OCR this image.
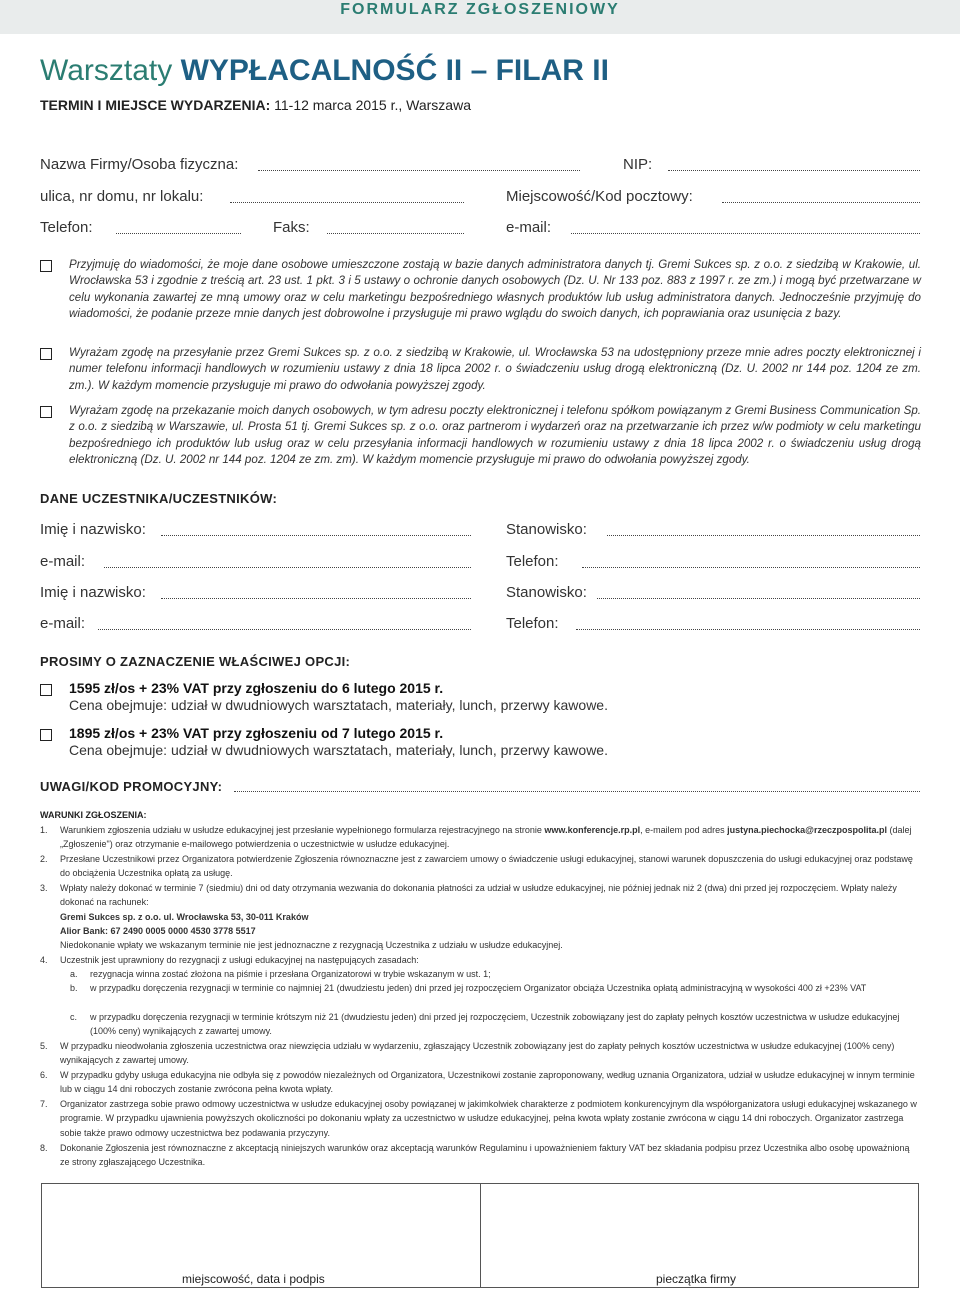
FORMULARZ ZGŁOSZENIOWY
Warsztaty WYPŁACALNOŚĆ II – FILAR II
TERMIN I MIEJSCE WYDARZENIA: 11-12 marca 2015 r., Warszawa
Nazwa Firmy/Osoba fizyczna:	NIP:
ulica, nr domu, nr lokalu:	Miejscowość/Kod pocztowy:
Telefon:	Faks:	e-mail:
Przyjmuję do wiadomości, że moje dane osobowe umieszczone zostają w bazie danych administratora danych tj. Gremi Sukces sp. z o.o. z siedzibą w Krakowie, ul. Wrocławska 53 i zgodnie z treścią art. 23 ust. 1 pkt. 3 i 5 ustawy o ochronie danych osobowych (Dz. U. Nr 133 poz. 883 z 1997 r. ze zm.) i mogą być przetwarzane w celu wykonania zawartej ze mną umowy oraz w celu marketingu bezpośredniego własnych produktów lub usług administratora danych. Jednocześnie przyjmuję do wiadomości, że podanie przeze mnie danych jest dobrowolne i przysługuje mi prawo wglądu do swoich danych, ich poprawiania oraz usunięcia z bazy.
Wyrażam zgodę na przesyłanie przez Gremi Sukces sp. z o.o. z siedzibą w Krakowie, ul. Wrocławska 53 na udostępniony przeze mnie adres poczty elektronicznej i numer telefonu informacji handlowych w rozumieniu ustawy z dnia 18 lipca 2002 r. o świadczeniu usług drogą elektroniczną (Dz. U. 2002 nr 144 poz. 1204 ze zm. zm.). W każdym momencie przysługuje mi prawo do odwołania powyższej zgody.
Wyrażam zgodę na przekazanie moich danych osobowych, w tym adresu poczty elektronicznej i telefonu spółkom powiązanym z Gremi Business Communication Sp. z o.o. z siedzibą w Warszawie, ul. Prosta 51 tj. Gremi Sukces sp. z o.o. oraz partnerom i wydarzeń oraz na przetwarzanie ich przez w/w podmioty w celu marketingu bezpośredniego ich produktów lub usług oraz w celu przesyłania informacji handlowych w rozumieniu ustawy z dnia 18 lipca 2002 r. o świadczeniu usług drogą elektroniczną (Dz. U. 2002 nr 144 poz. 1204 ze zm. zm). W każdym momencie przysługuje mi prawo do odwołania powyższej zgody.
DANE UCZESTNIKA/UCZESTNIKÓW:
Imię i nazwisko:	Stanowisko:
e-mail:	Telefon:
Imię i nazwisko:	Stanowisko:
e-mail:	Telefon:
PROSIMY O ZAZNACZENIE WŁAŚCIWEJ OPCJI:
1595 zł/os + 23% VAT przy zgłoszeniu do 6 lutego 2015 r.
Cena obejmuje: udział w dwudniowych warsztatach, materiały, lunch, przerwy kawowe.
1895 zł/os + 23% VAT przy zgłoszeniu od 7 lutego 2015 r.
Cena obejmuje: udział w dwudniowych warsztatach, materiały, lunch, przerwy kawowe.
UWAGI/KOD PROMOCYJNY:
WARUNKI ZGŁOSZENIA:
1.	Warunkiem zgłoszenia udziału w usłudze edukacyjnej jest przesłanie wypełnionego formularza rejestracyjnego na stronie www.konferencje.rp.pl, e-mailem pod adres justyna.piechocka@rzeczpospolita.pl (dalej „Zgłoszenie") oraz otrzymanie e-mailowego potwierdzenia o uczestnictwie w usłudze edukacyjnej.
2.	Przesłane Uczestnikowi przez Organizatora potwierdzenie Zgłoszenia równoznaczne jest z zawarciem umowy o świadczenie usługi edukacyjnej, stanowi warunek dopuszczenia do usługi edukacyjnej oraz podstawę do obciążenia Uczestnika opłatą za usługę.
3.	Wpłaty należy dokonać w terminie 7 (siedmiu) dni od daty otrzymania wezwania do dokonania płatności za udział w usłudze edukacyjnej, nie później jednak niż 2 (dwa) dni przed jej rozpoczęciem. Wpłaty należy dokonać na rachunek:
Gremi Sukces sp. z o.o. ul. Wrocławska 53, 30-011 Kraków
Alior Bank: 67 2490 0005 0000 4530 3778 5517
Niedokonanie wpłaty we wskazanym terminie nie jest jednoznaczne z rezygnacją Uczestnika z udziału w usłudze edukacyjnej.
4.	Uczestnik jest uprawniony do rezygnacji z usługi edukacyjnej na następujących zasadach:
a. rezygnacja winna zostać złożona na piśmie i przesłana Organizatorowi w trybie wskazanym w ust. 1;
b. w przypadku doręczenia rezygnacji w terminie co najmniej 21 (dwudziestu jeden) dni przed jej rozpoczęciem Organizator obciąża Uczestnika opłatą administracyjną w wysokości 400 zł +23% VAT
c. w przypadku doręczenia rezygnacji w terminie krótszym niż 21 (dwudziestu jeden) dni przed jej rozpoczęciem, Uczestnik zobowiązany jest do zapłaty pełnych kosztów uczestnictwa w usłudze edukacyjnej (100% ceny) wynikających z zawartej umowy.
5.	W przypadku nieodwołania zgłoszenia uczestnictwa oraz niewzięcia udziału w wydarzeniu, zgłaszający Uczestnik zobowiązany jest do zapłaty pełnych kosztów uczestnictwa w usłudze edukacyjnej (100% ceny) wynikających z zawartej umowy.
6.	W przypadku gdyby usługa edukacyjna nie odbyła się z powodów niezależnych od Organizatora, Uczestnikowi zostanie zaproponowany, według uznania Organizatora, udział w usłudze edukacyjnej w innym terminie lub w ciągu 14 dni roboczych zostanie zwrócona pełna kwota wpłaty.
7.	Organizator zastrzega sobie prawo odmowy uczestnictwa w usłudze edukacyjnej osoby powiązanej w jakimkolwiek charakterze z podmiotem konkurencyjnym dla współorganizatora usługi edukacyjnej wskazanego w programie. W przypadku ujawnienia powyższych okoliczności po dokonaniu wpłaty za uczestnictwo w usłudze edukacyjnej, pełna kwota wpłaty zostanie zwrócona w ciągu 14 dni roboczych. Organizator zastrzega sobie także prawo odmowy uczestnictwa bez podawania przyczyny.
8.	Dokonanie Zgłoszenia jest równoznaczne z akceptacją niniejszych warunków oraz akceptacją warunków Regulaminu i upoważnieniem faktury VAT bez składania podpisu przez Uczestnika albo osobę upoważnioną ze strony zgłaszającego Uczestnika.
miejscowość, data i podpis	pieczątka firmy
